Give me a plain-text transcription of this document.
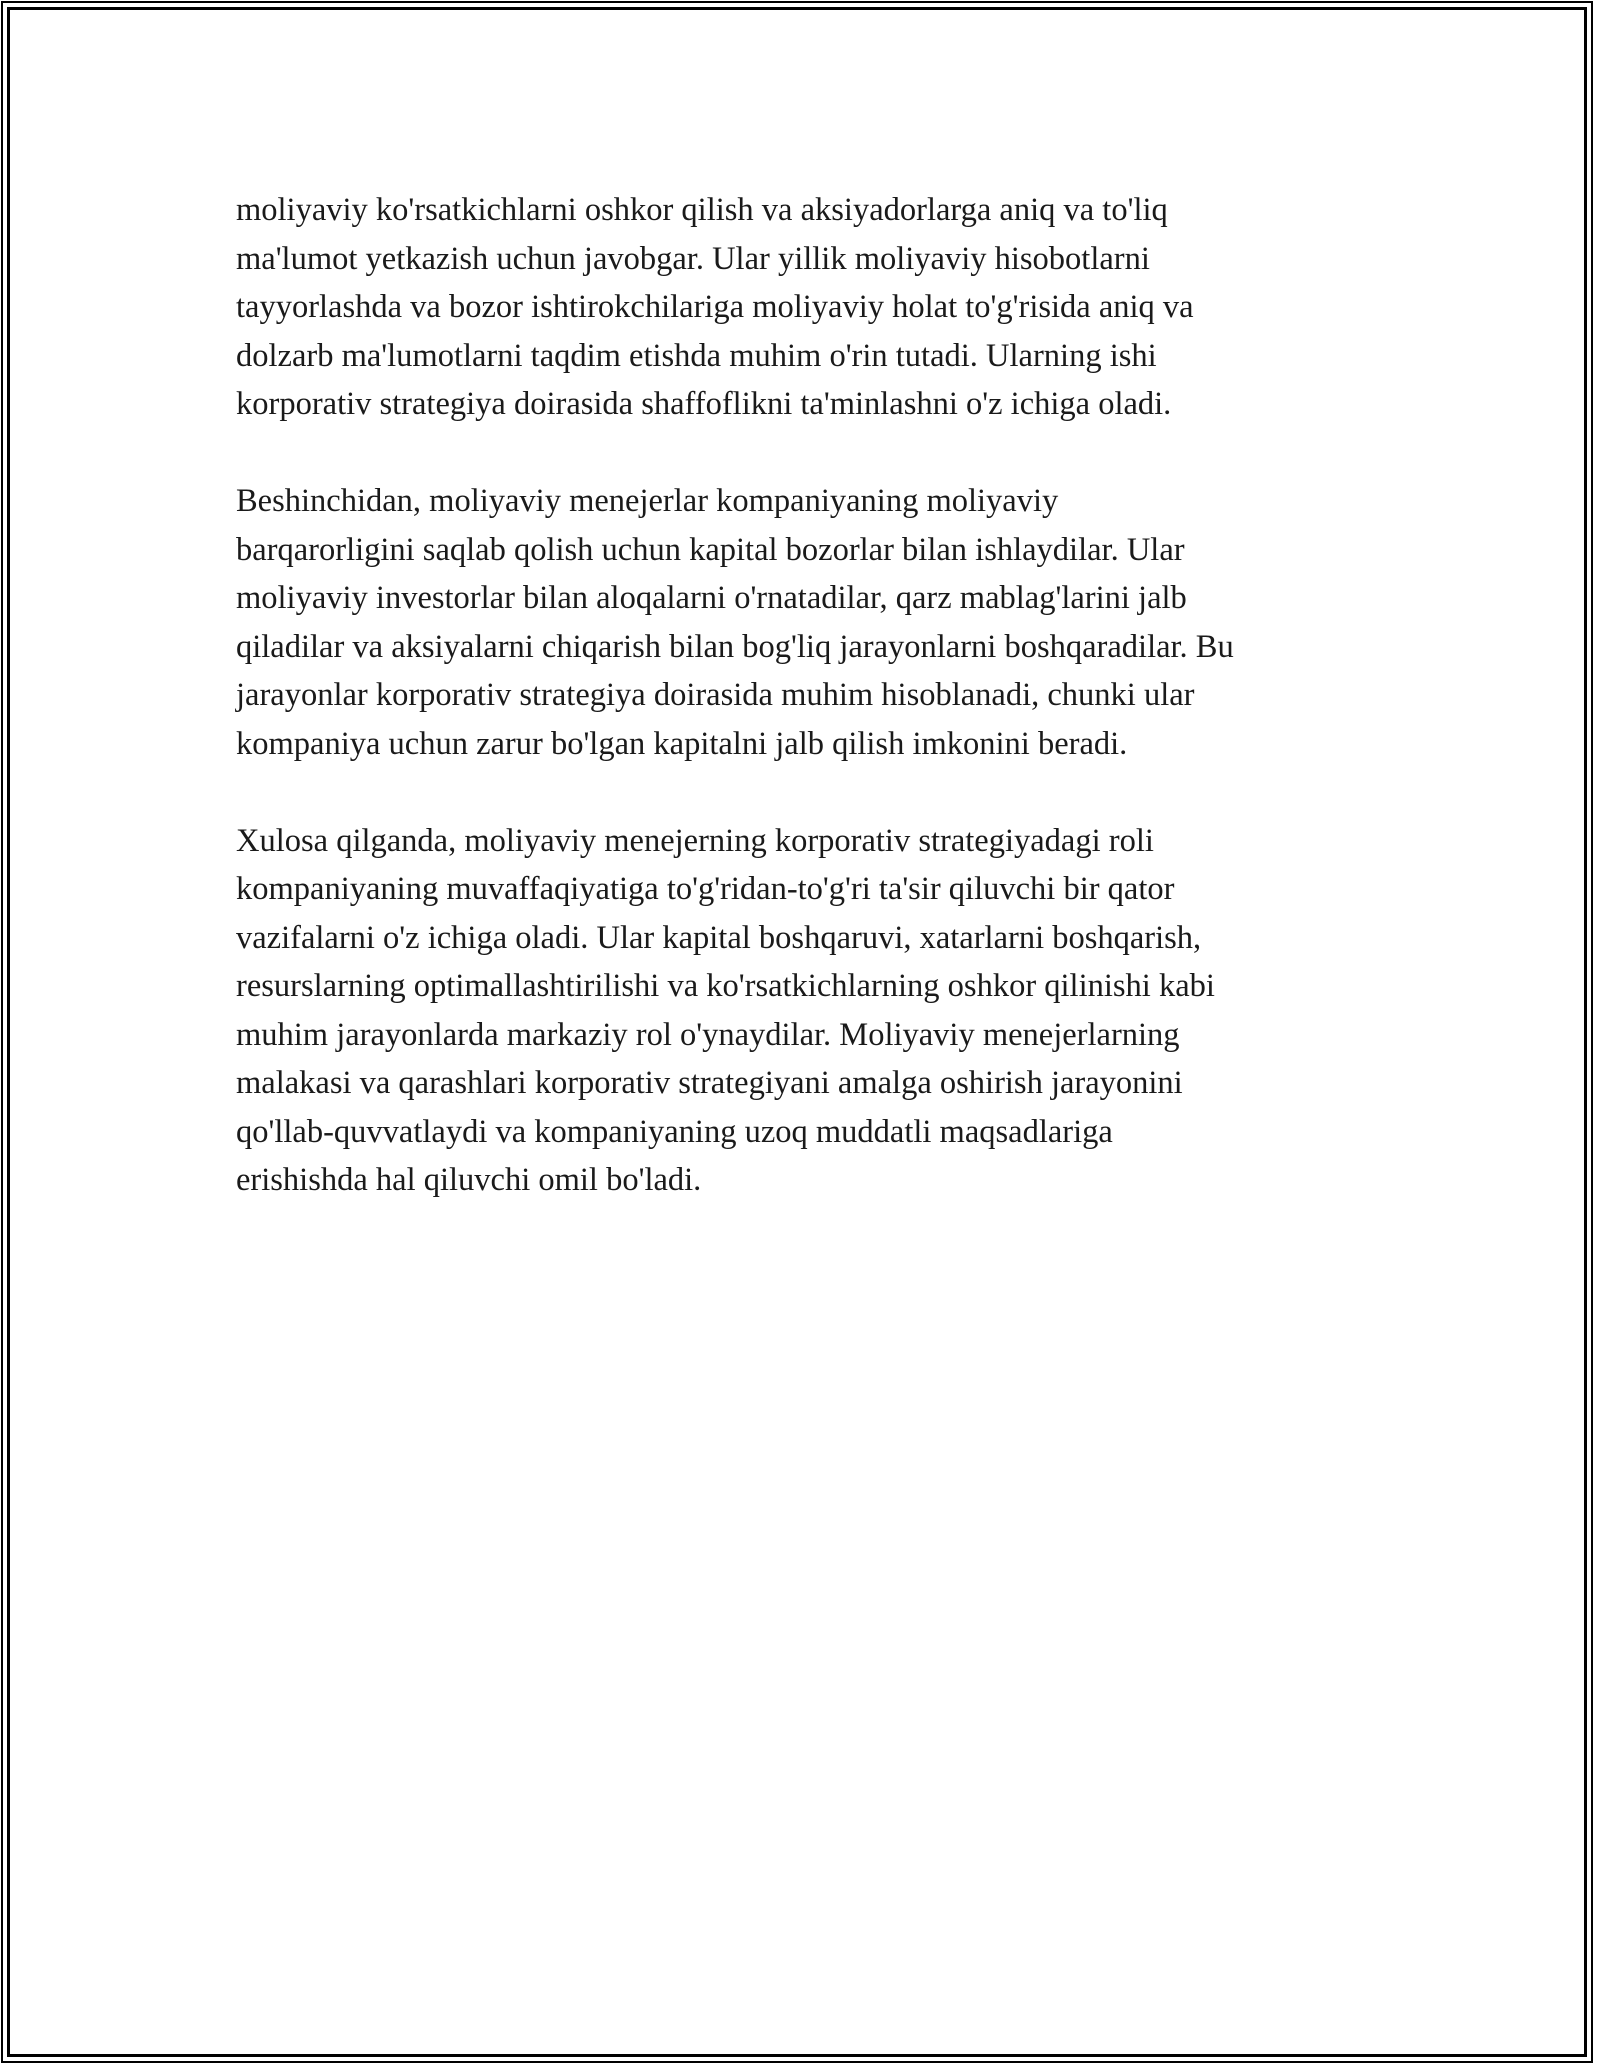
moliyaviy ko'rsatkichlarni oshkor qilish va aksiyadorlarga aniq va to'liq
ma'lumot yetkazish uchun javobgar. Ular yillik moliyaviy hisobotlarni
tayyorlashda va bozor ishtirokchilariga moliyaviy holat to'g'risida aniq va
dolzarb ma'lumotlarni taqdim etishda muhim o'rin tutadi. Ularning ishi
korporativ strategiya doirasida shaffoflikni ta'minlashni o'z ichiga oladi.

Beshinchidan, moliyaviy menejerlar kompaniyaning moliyaviy
barqarorligini saqlab qolish uchun kapital bozorlar bilan ishlaydilar. Ular
moliyaviy investorlar bilan aloqalarni o'rnatadilar, qarz mablag'larini jalb
qiladilar va aksiyalarni chiqarish bilan bog'liq jarayonlarni boshqaradilar. Bu
jarayonlar korporativ strategiya doirasida muhim hisoblanadi, chunki ular
kompaniya uchun zarur bo'lgan kapitalni jalb qilish imkonini beradi.

Xulosa qilganda, moliyaviy menejerning korporativ strategiyadagi roli
kompaniyaning muvaffaqiyatiga to'g'ridan-to'g'ri ta'sir qiluvchi bir qator
vazifalarni o'z ichiga oladi. Ular kapital boshqaruvi, xatarlarni boshqarish,
resurslarning optimallashtirilishi va ko'rsatkichlarning oshkor qilinishi kabi
muhim jarayonlarda markaziy rol o'ynaydilar. Moliyaviy menejerlarning
malakasi va qarashlari korporativ strategiyani amalga oshirish jarayonini
qo'llab-quvvatlaydi va kompaniyaning uzoq muddatli maqsadlariga
erishishda hal qiluvchi omil bo'ladi.
